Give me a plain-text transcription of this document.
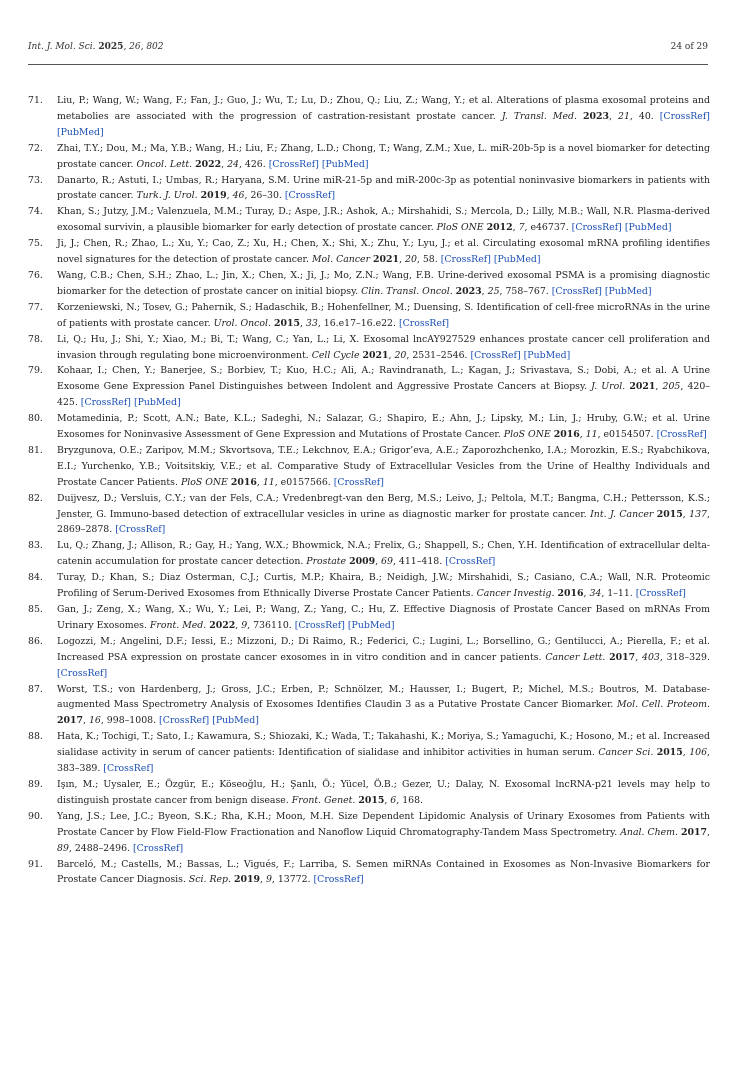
Int. J. Mol. Sci. 2025, 26, 802	24 of 29
71.	Liu, P.; Wang, W.; Wang, F.; Fan, J.; Guo, J.; Wu, T.; Lu, D.; Zhou, Q.; Liu, Z.; Wang, Y.; et al. Alterations of plasma exosomal proteins and metabolies are associated with the progression of castration-resistant prostate cancer. J. Transl. Med. 2023, 21, 40. [CrossRef] [PubMed]
72.	Zhai, T.Y.; Dou, M.; Ma, Y.B.; Wang, H.; Liu, F.; Zhang, L.D.; Chong, T.; Wang, Z.M.; Xue, L. miR-20b-5p is a novel biomarker for detecting prostate cancer. Oncol. Lett. 2022, 24, 426. [CrossRef] [PubMed]
73.	Danarto, R.; Astuti, I.; Umbas, R.; Haryana, S.M. Urine miR-21-5p and miR-200c-3p as potential noninvasive biomarkers in patients with prostate cancer. Turk. J. Urol. 2019, 46, 26–30. [CrossRef]
74.	Khan, S.; Jutzy, J.M.; Valenzuela, M.M.; Turay, D.; Aspe, J.R.; Ashok, A.; Mirshahidi, S.; Mercola, D.; Lilly, M.B.; Wall, N.R. Plasma-derived exosomal survivin, a plausible biomarker for early detection of prostate cancer. PloS ONE 2012, 7, e46737. [CrossRef] [PubMed]
75.	Ji, J.; Chen, R.; Zhao, L.; Xu, Y.; Cao, Z.; Xu, H.; Chen, X.; Shi, X.; Zhu, Y.; Lyu, J.; et al. Circulating exosomal mRNA profiling identifies novel signatures for the detection of prostate cancer. Mol. Cancer 2021, 20, 58. [CrossRef] [PubMed]
76.	Wang, C.B.; Chen, S.H.; Zhao, L.; Jin, X.; Chen, X.; Ji, J.; Mo, Z.N.; Wang, F.B. Urine-derived exosomal PSMA is a promising diagnostic biomarker for the detection of prostate cancer on initial biopsy. Clin. Transl. Oncol. 2023, 25, 758–767. [CrossRef] [PubMed]
77.	Korzeniewski, N.; Tosev, G.; Pahernik, S.; Hadaschik, B.; Hohenfellner, M.; Duensing, S. Identification of cell-free microRNAs in the urine of patients with prostate cancer. Urol. Oncol. 2015, 33, 16.e17–16.e22. [CrossRef]
78.	Li, Q.; Hu, J.; Shi, Y.; Xiao, M.; Bi, T.; Wang, C.; Yan, L.; Li, X. Exosomal lncAY927529 enhances prostate cancer cell proliferation and invasion through regulating bone microenvironment. Cell Cycle 2021, 20, 2531–2546. [CrossRef] [PubMed]
79.	Kohaar, I.; Chen, Y.; Banerjee, S.; Borbiev, T.; Kuo, H.C.; Ali, A.; Ravindranath, L.; Kagan, J.; Srivastava, S.; Dobi, A.; et al. A Urine Exosome Gene Expression Panel Distinguishes between Indolent and Aggressive Prostate Cancers at Biopsy. J. Urol. 2021, 205, 420–425. [CrossRef] [PubMed]
80.	Motamedinia, P.; Scott, A.N.; Bate, K.L.; Sadeghi, N.; Salazar, G.; Shapiro, E.; Ahn, J.; Lipsky, M.; Lin, J.; Hruby, G.W.; et al. Urine Exosomes for Noninvasive Assessment of Gene Expression and Mutations of Prostate Cancer. PloS ONE 2016, 11, e0154507. [CrossRef]
81.	Bryzgunova, O.E.; Zaripov, M.M.; Skvortsova, T.E.; Lekchnov, E.A.; Grigor’eva, A.E.; Zaporozhchenko, I.A.; Morozkin, E.S.; Ryabchikova, E.I.; Yurchenko, Y.B.; Voitsitskiy, V.E.; et al. Comparative Study of Extracellular Vesicles from the Urine of Healthy Individuals and Prostate Cancer Patients. PloS ONE 2016, 11, e0157566. [CrossRef]
82.	Duijvesz, D.; Versluis, C.Y.; van der Fels, C.A.; Vredenbregt-van den Berg, M.S.; Leivo, J.; Peltola, M.T.; Bangma, C.H.; Pettersson, K.S.; Jenster, G. Immuno-based detection of extracellular vesicles in urine as diagnostic marker for prostate cancer. Int. J. Cancer 2015, 137, 2869–2878. [CrossRef]
83.	Lu, Q.; Zhang, J.; Allison, R.; Gay, H.; Yang, W.X.; Bhowmick, N.A.; Frelix, G.; Shappell, S.; Chen, Y.H. Identification of extracellular delta-catenin accumulation for prostate cancer detection. Prostate 2009, 69, 411–418. [CrossRef]
84.	Turay, D.; Khan, S.; Diaz Osterman, C.J.; Curtis, M.P.; Khaira, B.; Neidigh, J.W.; Mirshahidi, S.; Casiano, C.A.; Wall, N.R. Proteomic Profiling of Serum-Derived Exosomes from Ethnically Diverse Prostate Cancer Patients. Cancer Investig. 2016, 34, 1–11. [CrossRef]
85.	Gan, J.; Zeng, X.; Wang, X.; Wu, Y.; Lei, P.; Wang, Z.; Yang, C.; Hu, Z. Effective Diagnosis of Prostate Cancer Based on mRNAs From Urinary Exosomes. Front. Med. 2022, 9, 736110. [CrossRef] [PubMed]
86.	Logozzi, M.; Angelini, D.F.; Iessi, E.; Mizzoni, D.; Di Raimo, R.; Federici, C.; Lugini, L.; Borsellino, G.; Gentilucci, A.; Pierella, F.; et al. Increased PSA expression on prostate cancer exosomes in in vitro condition and in cancer patients. Cancer Lett. 2017, 403, 318–329. [CrossRef]
87.	Worst, T.S.; von Hardenberg, J.; Gross, J.C.; Erben, P.; Schnölzer, M.; Hausser, I.; Bugert, P.; Michel, M.S.; Boutros, M. Database-augmented Mass Spectrometry Analysis of Exosomes Identifies Claudin 3 as a Putative Prostate Cancer Biomarker. Mol. Cell. Proteom. 2017, 16, 998–1008. [CrossRef] [PubMed]
88.	Hata, K.; Tochigi, T.; Sato, I.; Kawamura, S.; Shiozaki, K.; Wada, T.; Takahashi, K.; Moriya, S.; Yamaguchi, K.; Hosono, M.; et al. Increased sialidase activity in serum of cancer patients: Identification of sialidase and inhibitor activities in human serum. Cancer Sci. 2015, 106, 383–389. [CrossRef]
89.	Işın, M.; Uysaler, E.; Özgür, E.; Köseoğlu, H.; Şanlı, Ö.; Yücel, Ö.B.; Gezer, U.; Dalay, N. Exosomal lncRNA-p21 levels may help to distinguish prostate cancer from benign disease. Front. Genet. 2015, 6, 168.
90.	Yang, J.S.; Lee, J.C.; Byeon, S.K.; Rha, K.H.; Moon, M.H. Size Dependent Lipidomic Analysis of Urinary Exosomes from Patients with Prostate Cancer by Flow Field-Flow Fractionation and Nanoflow Liquid Chromatography-Tandem Mass Spectrometry. Anal. Chem. 2017, 89, 2488–2496. [CrossRef]
91.	Barceló, M.; Castells, M.; Bassas, L.; Vigués, F.; Larriba, S. Semen miRNAs Contained in Exosomes as Non-Invasive Biomarkers for Prostate Cancer Diagnosis. Sci. Rep. 2019, 9, 13772. [CrossRef]
